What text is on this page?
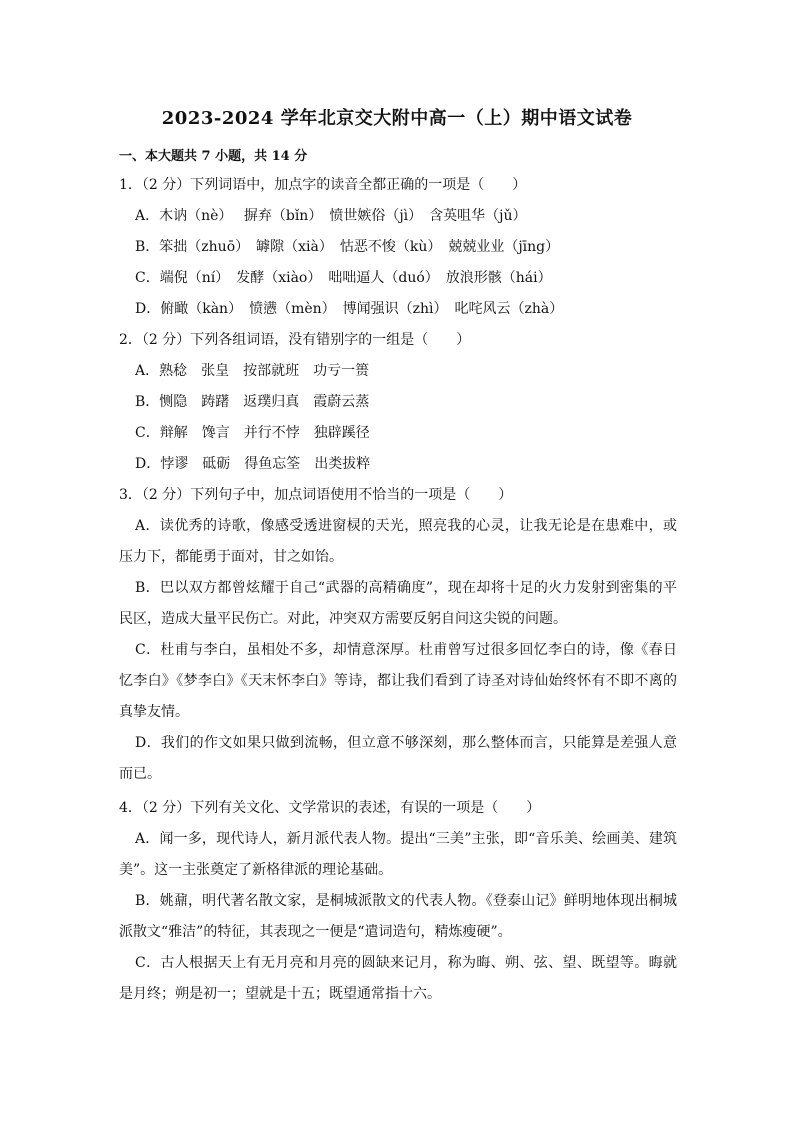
2023-2024 学年北京交大附中高一（上）期中语文试卷
一、本大题共 7 小题，共 14 分
1．（2 分）下列词语中，加点字的读音全都正确的一项是（　　）
A．木讷（nè）　 摒弃（bǐn）　愤世嫉俗（jì）　含英咀华（jǔ）
B．笨拙（zhuō）　罅隙（xià）　怙恶不悛（kù）　兢兢业业（jīng）
C．端倪（ní）　发酵（xiào）　咄咄逼人（duó）　放浪形骸（hái）
D．俯瞰（kàn）　愤懑（mèn）　博闻强识（zhì）　叱咤风云（zhà）
2．（2 分）下列各组词语，没有错别字的一组是（　　）
A．熟稔　张皇　按部就班　功亏一篑
B．恻隐　踌躇　返璞归真　霞蔚云蒸
C．辩解　馋言　并行不悖　独辟蹊径
D．悖谬　砥砺　得鱼忘筌　出类拔粹
3．（2 分）下列句子中，加点词语使用不恰当的一项是（　　）
A．读优秀的诗歌，像感受透进窗棂的天光，照亮我的心灵，让我无论是在患难中，或压力下，都能勇于面对，甘之如饴。
B．巴以双方都曾炫耀于自己“武器的高精确度”，现在却将十足的火力发射到密集的平民区，造成大量平民伤亡。对此，冲突双方需要反躬自问这尖锐的问题。
C．杜甫与李白，虽相处不多，却情意深厚。杜甫曾写过很多回忆李白的诗，像《春日忆李白》《梦李白》《天末怀李白》等诗，都让我们看到了诗圣对诗仙始终怀有不即不离的真挚友情。
D．我们的作文如果只做到流畅，但立意不够深刻，那么整体而言，只能算是差强人意而已。
4．（2 分）下列有关文化、文学常识的表述，有误的一项是（　　）
A．闻一多，现代诗人，新月派代表人物。提出“三美”主张，即“音乐美、绘画美、建筑美”。这一主张奠定了新格律派的理论基础。
B．姚鼐，明代著名散文家，是桐城派散文的代表人物。《登泰山记》鲜明地体现出桐城派散文“雅洁”的特征，其表现之一便是“遣词造句，精炼瘦硬”。
C．古人根据天上有无月亮和月亮的圆缺来记月，称为晦、朔、弦、望、既望等。晦就是月终；朔是初一；望就是十五；既望通常指十六。
